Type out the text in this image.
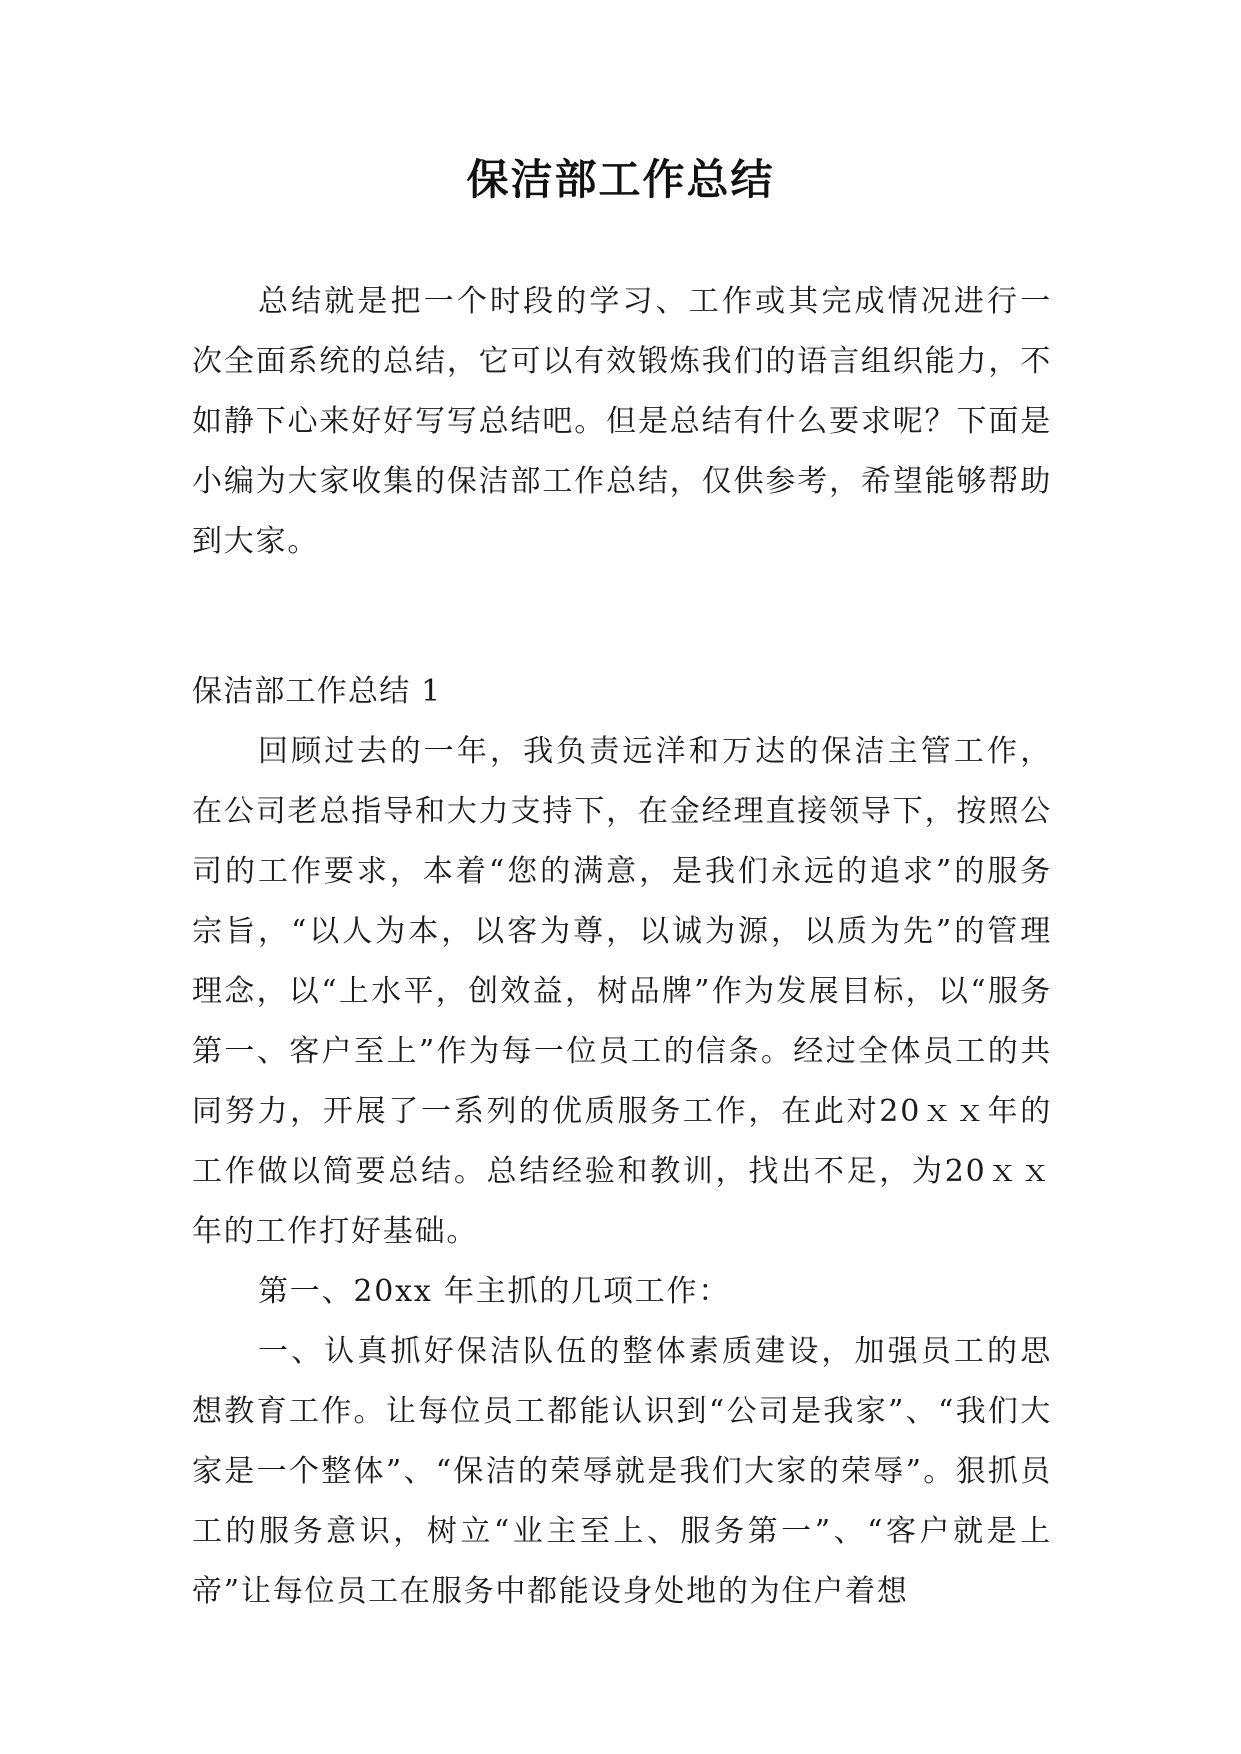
保洁部工作总结

总结就是把一个时段的学习、工作或其完成情况进行一次全面系统的总结，它可以有效锻炼我们的语言组织能力，不如静下心来好好写写总结吧。但是总结有什么要求呢？下面是小编为大家收集的保洁部工作总结，仅供参考，希望能够帮助到大家。

保洁部工作总结 1

回顾过去的一年，我负责远洋和万达的保洁主管工作，在公司老总指导和大力支持下，在金经理直接领导下，按照公司的工作要求，本着“您的满意，是我们永远的追求”的服务宗旨，“以人为本，以客为尊，以诚为源，以质为先”的管理理念，以“上水平，创效益，树品牌”作为发展目标，以“服务第一、客户至上”作为每一位员工的信条。经过全体员工的共同努力，开展了一系列的优质服务工作，在此对20ｘｘ年的工作做以简要总结。总结经验和教训，找出不足，为20ｘｘ年的工作打好基础。

第一、20xx 年主抓的几项工作：

一、认真抓好保洁队伍的整体素质建设，加强员工的思想教育工作。让每位员工都能认识到“公司是我家”、“我们大家是一个整体”、“保洁的荣辱就是我们大家的荣辱”。狠抓员工的服务意识，树立“业主至上、服务第一”、“客户就是上帝”让每位员工在服务中都能设身处地的为住户着想
